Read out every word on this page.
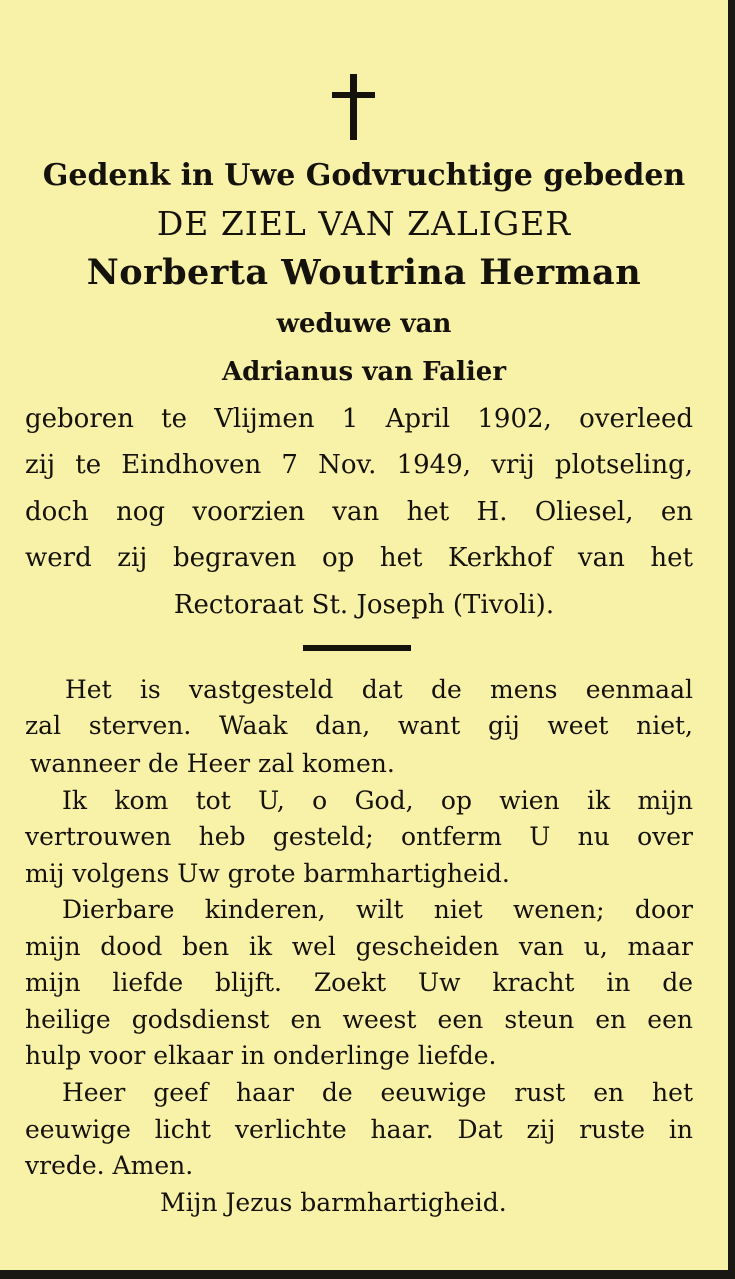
Gedenk in Uwe Godvruchtige gebeden
DE ZIEL VAN ZALIGER
Norberta Woutrina Herman
weduwe van
Adrianus van Falier
geboren te Vlijmen 1 April 1902, overleed
zij te Eindhoven 7 Nov. 1949, vrij plotseling,
doch nog voorzien van het H. Oliesel, en
werd zij begraven op het Kerkhof van het
Rectoraat St. Joseph (Tivoli).
Het is vastgesteld dat de mens eenmaal
zal sterven. Waak dan, want gij weet niet,
wanneer de Heer zal komen.
Ik kom tot U, o God, op wien ik mijn
vertrouwen heb gesteld; ontferm U nu over
mij volgens Uw grote barmhartigheid.
Dierbare kinderen, wilt niet wenen; door
mijn dood ben ik wel gescheiden van u, maar
mijn liefde blijft. Zoekt Uw kracht in de
heilige godsdienst en weest een steun en een
hulp voor elkaar in onderlinge liefde.
Heer geef haar de eeuwige rust en het
eeuwige licht verlichte haar. Dat zij ruste in
vrede. Amen.
Mijn Jezus barmhartigheid.
